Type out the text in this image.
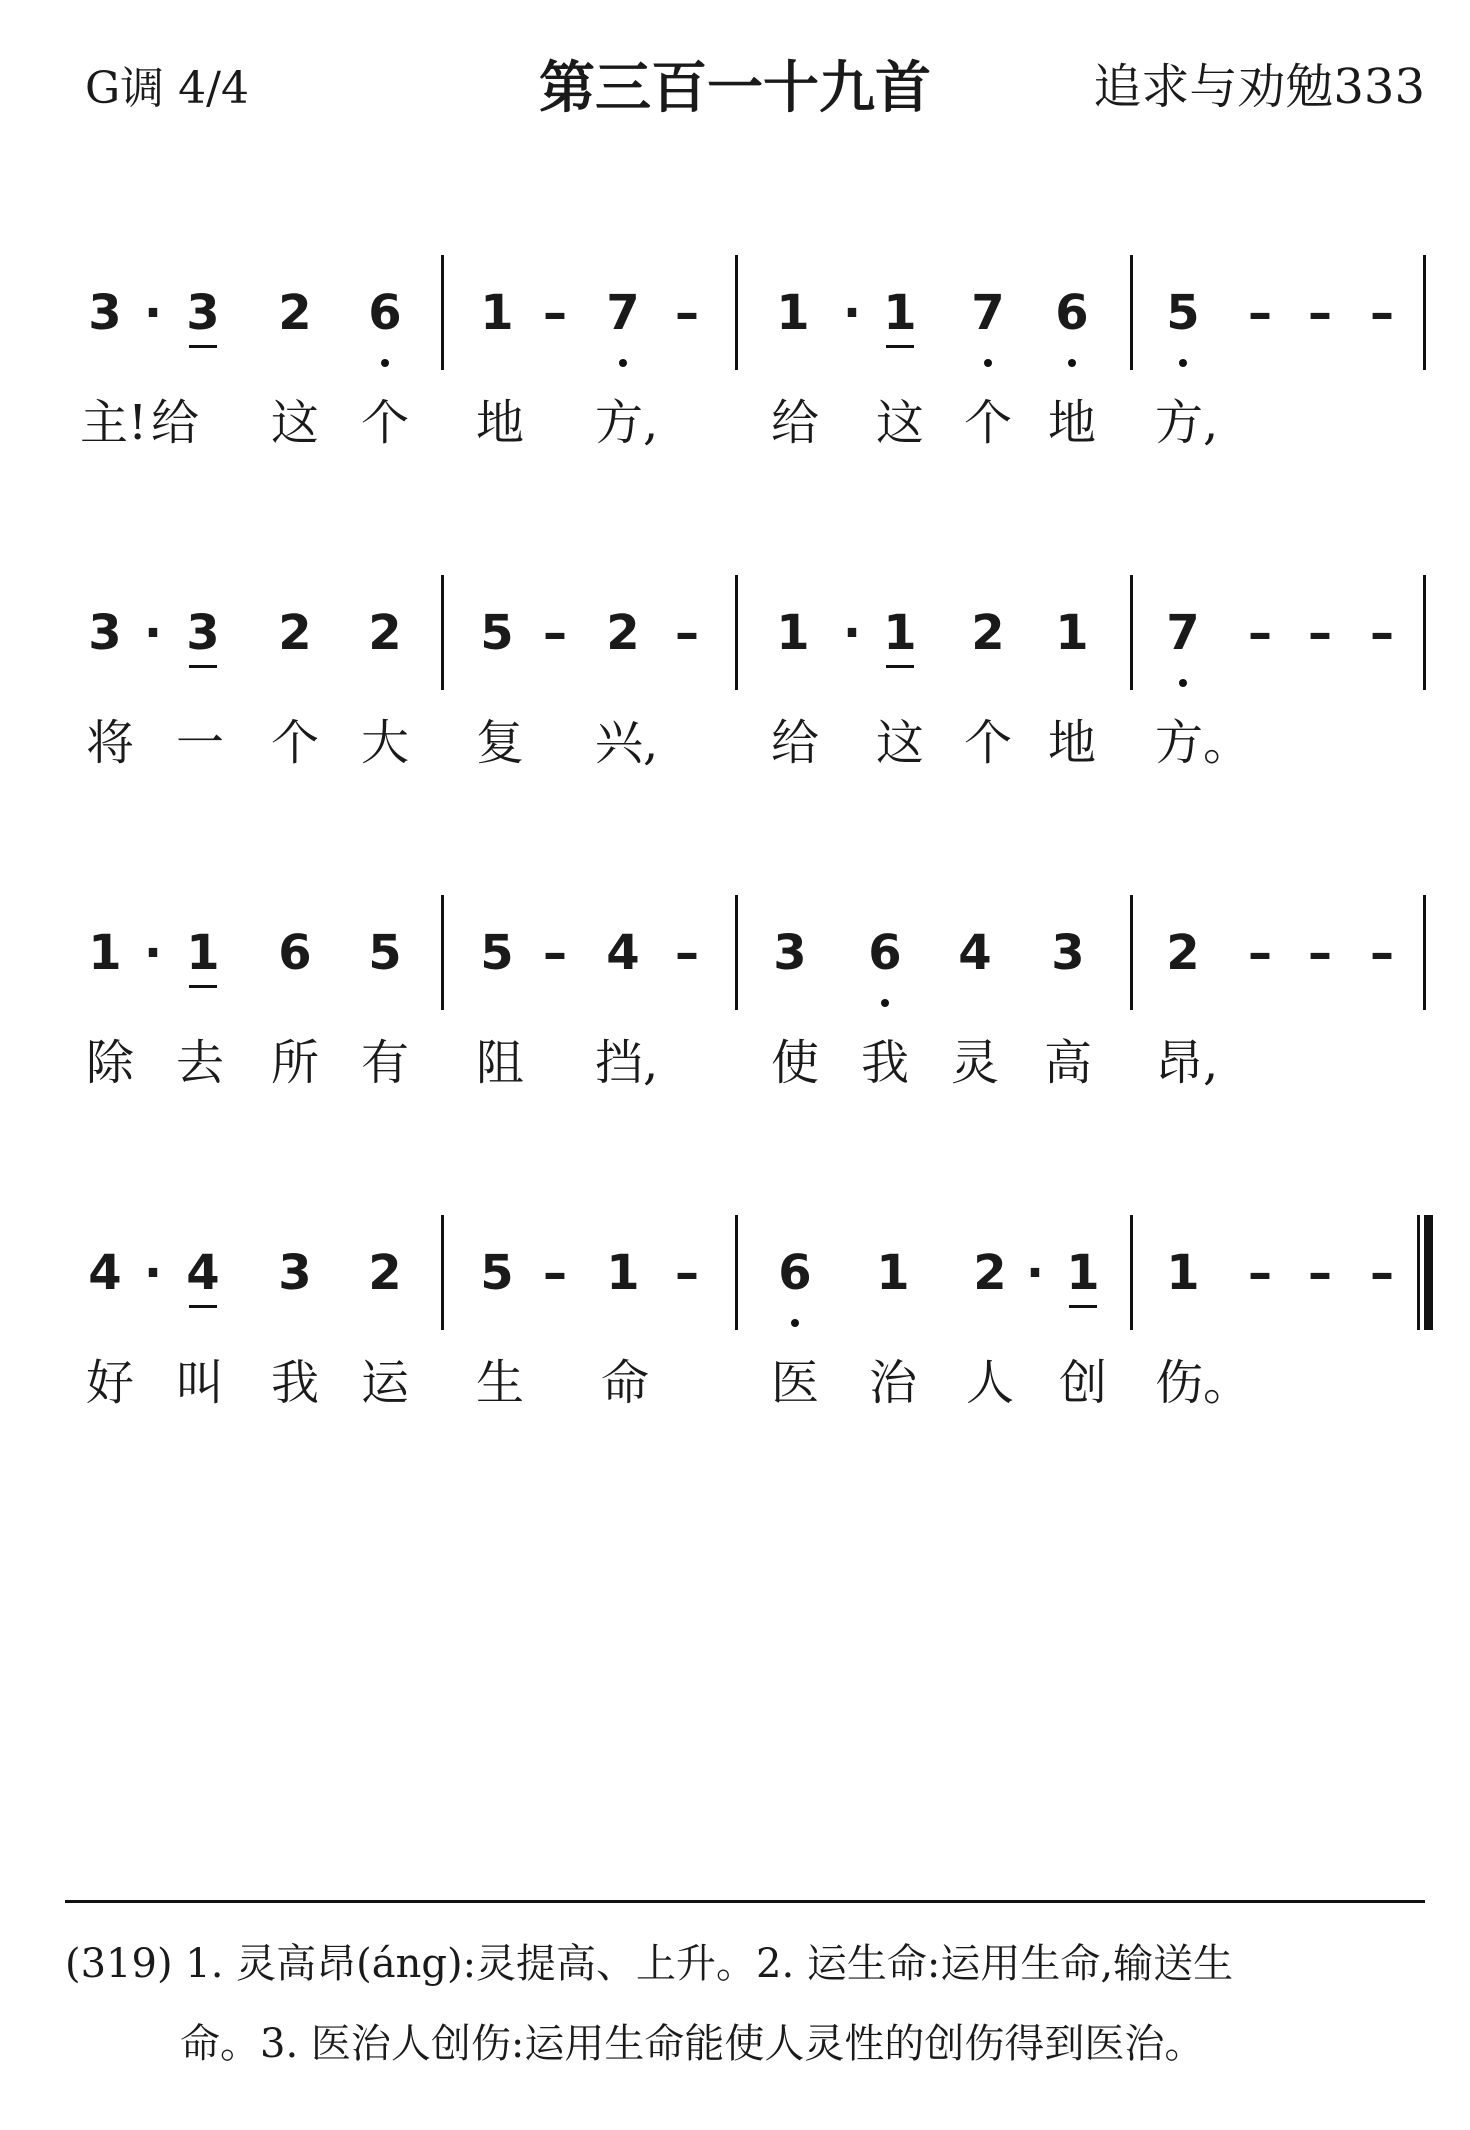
G调 4/4	第三百一十九首	追求与劝勉333
3 · 3 2 6 1 – 7 – 1 · 1 7 6 5 – – –
主! 给 这 个 地 方, 给 这 个 地 方,
3 · 3 2 2 5 – 2 – 1 · 1 2 1 7 – – –
将 一 个 大 复 兴, 给 这 个 地 方。
1 · 1 6 5 5 – 4 – 3 6 4 3 2 – – –
除 去 所 有 阻 挡, 使 我 灵 高 昂,
4 · 4 3 2 5 – 1 – 6 1 2 · 1 1 – – –
好 叫 我 运 生 命	医 治 人 创 伤。
(319) 1. 灵高昂(áng):灵提高、上升。2. 运生命:运用生命,输送生
命。3. 医治人创伤:运用生命能使人灵性的创伤得到医治。
